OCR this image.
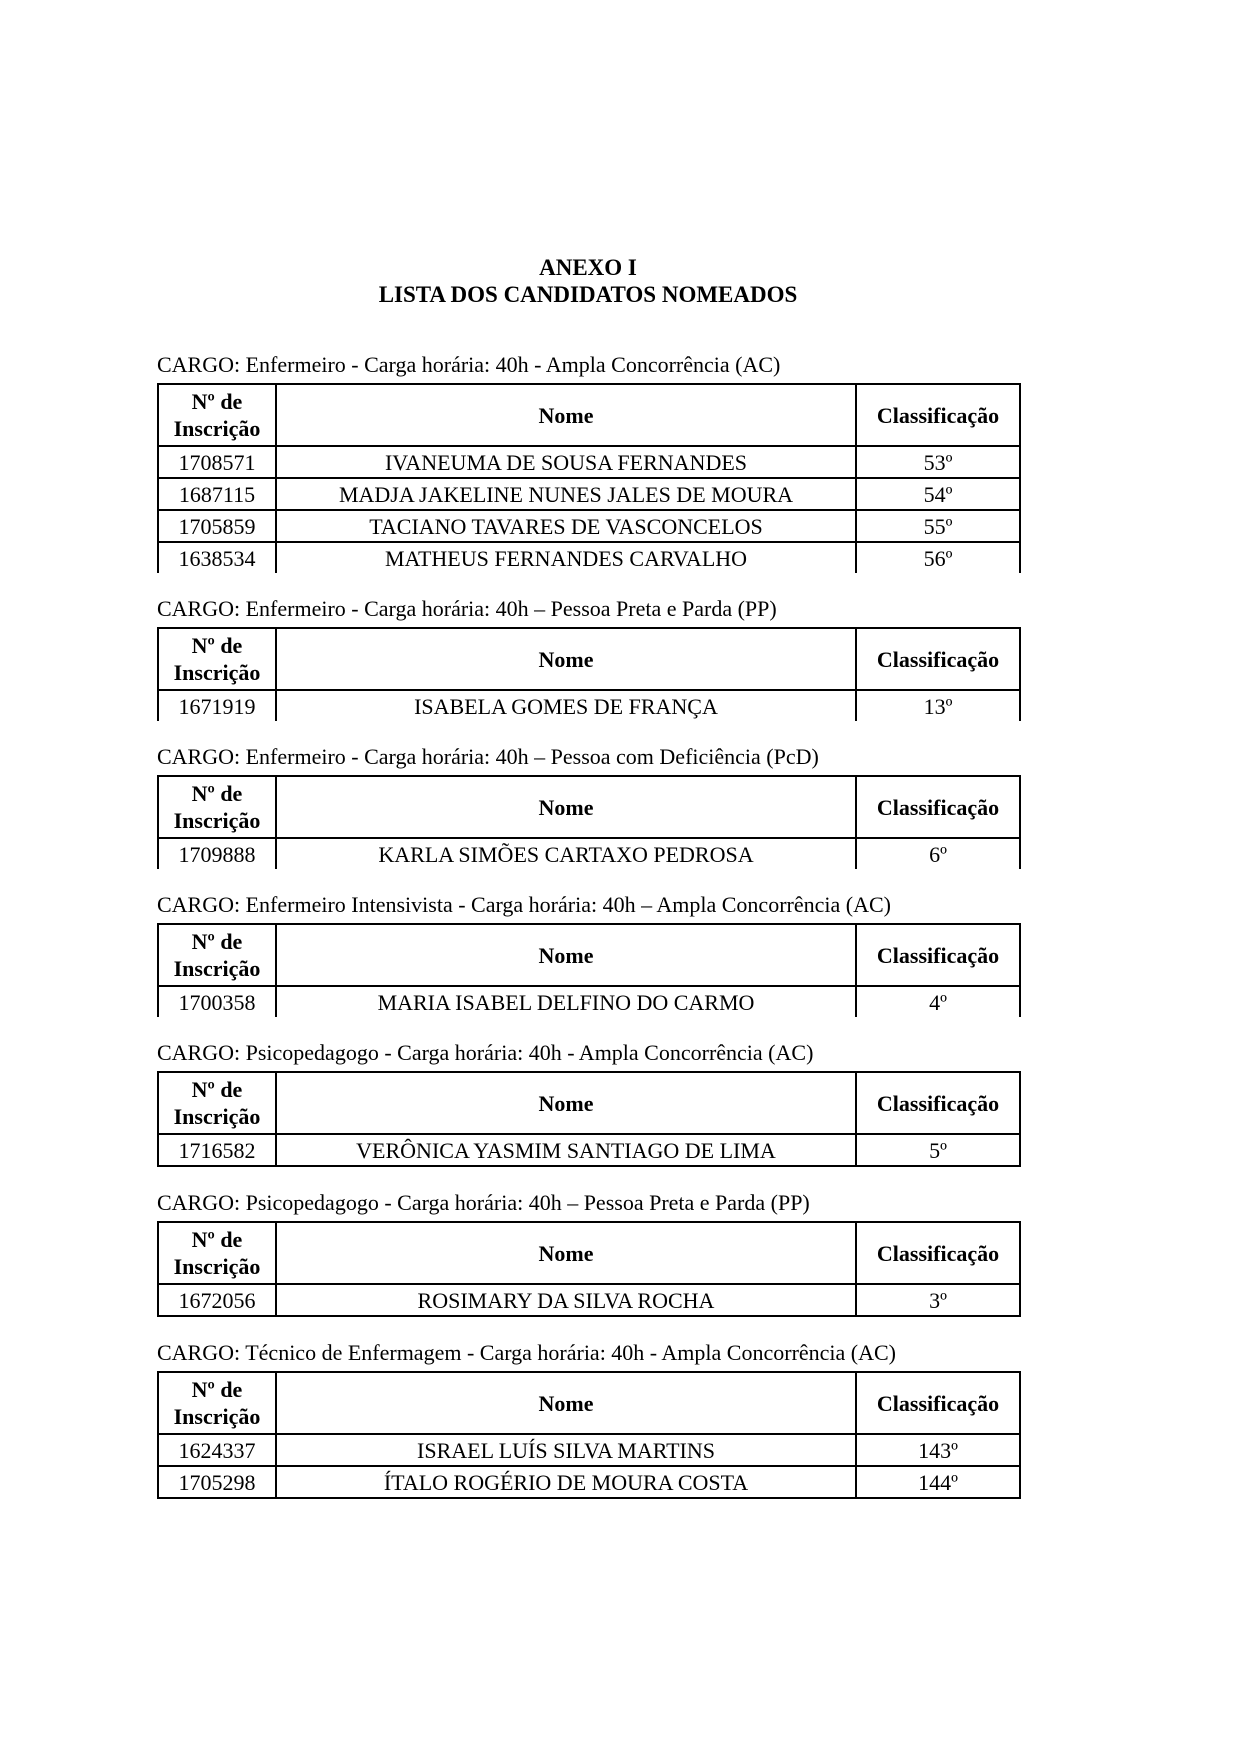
ANEXO I
LISTA DOS CANDIDATOS NOMEADOS

CARGO: Enfermeiro - Carga horária: 40h - Ampla Concorrência (AC)

Nº de Inscrição	Nome	Classificação
1708571	IVANEUMA DE SOUSA FERNANDES	53º
1687115	MADJA JAKELINE NUNES JALES DE MOURA	54º
1705859	TACIANO TAVARES DE VASCONCELOS	55º
1638534	MATHEUS FERNANDES CARVALHO	56º

CARGO: Enfermeiro - Carga horária: 40h – Pessoa Preta e Parda (PP)

Nº de Inscrição	Nome	Classificação
1671919	ISABELA GOMES DE FRANÇA	13º

CARGO: Enfermeiro - Carga horária: 40h – Pessoa com Deficiência (PcD)

Nº de Inscrição	Nome	Classificação
1709888	KARLA SIMÕES CARTAXO PEDROSA	6º

CARGO: Enfermeiro Intensivista - Carga horária: 40h – Ampla Concorrência (AC)

Nº de Inscrição	Nome	Classificação
1700358	MARIA ISABEL DELFINO DO CARMO	4º

CARGO: Psicopedagogo - Carga horária: 40h - Ampla Concorrência (AC)

Nº de Inscrição	Nome	Classificação
1716582	VERÔNICA YASMIM SANTIAGO DE LIMA	5º

CARGO: Psicopedagogo - Carga horária: 40h – Pessoa Preta e Parda (PP)

Nº de Inscrição	Nome	Classificação
1672056	ROSIMARY DA SILVA ROCHA	3º

CARGO: Técnico de Enfermagem - Carga horária: 40h - Ampla Concorrência (AC)

Nº de Inscrição	Nome	Classificação
1624337	ISRAEL LUÍS SILVA MARTINS	143º
1705298	ÍTALO ROGÉRIO DE MOURA COSTA	144º
